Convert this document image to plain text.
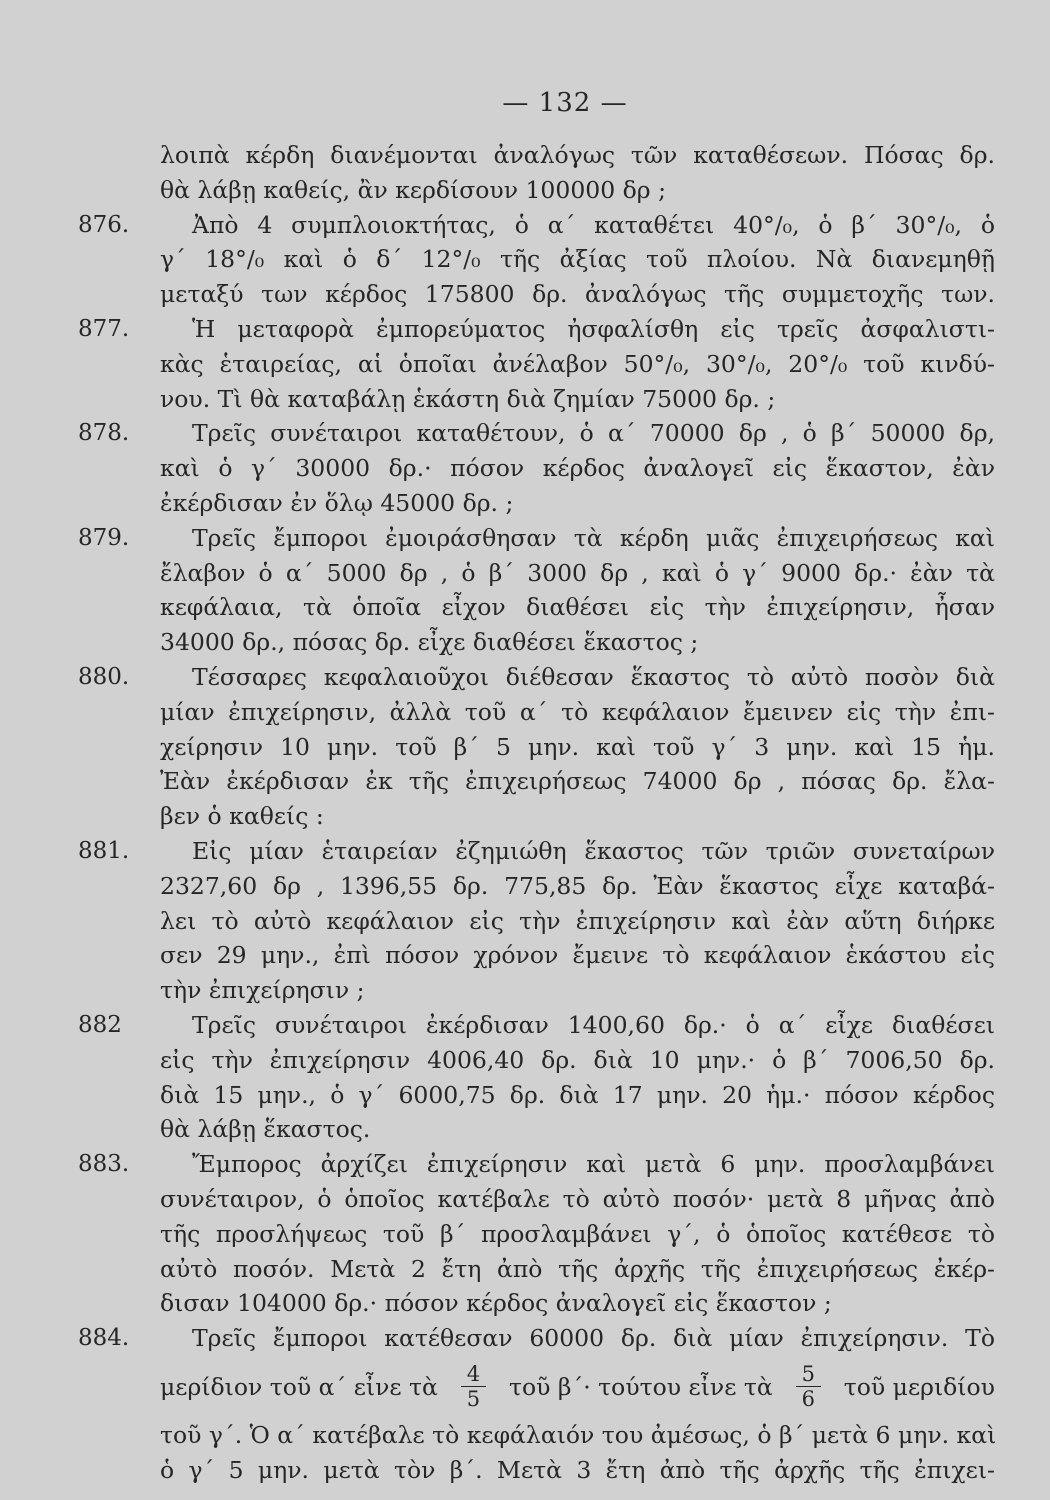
— 132 —
λοιπὰ κέρδη διανέμονται ἀναλόγως τῶν καταθέσεων. Πόσας δρ.
θὰ λάβῃ καθείς, ἂν κερδίσουν 100000 δρ ;
876.	Ἀπὸ 4 συμπλοιοκτήτας, ὁ α΄ καταθέτει 40°/₀, ὁ β΄ 30°/₀, ὁ
γ΄ 18°/₀ καὶ ὁ δ΄ 12°/₀ τῆς ἀξίας τοῦ πλοίου. Νὰ διανεμηθῇ
μεταξύ των κέρδος 175800 δρ. ἀναλόγως τῆς συμμετοχῆς των.
877.	Ἡ μεταφορὰ ἐμπορεύματος ἠσφαλίσθη εἰς τρεῖς ἀσφαλιστι-
κὰς ἑταιρείας, αἱ ὁποῖαι ἀνέλαβον 50°/₀, 30°/₀, 20°/₀ τοῦ κινδύ-
νου. Τὶ θὰ καταβάλῃ ἑκάστη διὰ ζημίαν 75000 δρ. ;
878.	Τρεῖς συνέταιροι καταθέτουν, ὁ α΄ 70000 δρ , ὁ β΄ 50000 δρ,
καὶ ὁ γ΄ 30000 δρ.· πόσον κέρδος ἀναλογεῖ εἰς ἕκαστον, ἐὰν
ἐκέρδισαν ἐν ὅλῳ 45000 δρ. ;
879.	Τρεῖς ἔμποροι ἐμοιράσθησαν τὰ κέρδη μιᾶς ἐπιχειρήσεως καὶ
ἔλαβον ὁ α΄ 5000 δρ , ὁ β΄ 3000 δρ , καὶ ὁ γ΄ 9000 δρ.· ἐὰν τὰ
κεφάλαια, τὰ ὁποῖα εἶχον διαθέσει εἰς τὴν ἐπιχείρησιν, ἦσαν
34000 δρ., πόσας δρ. εἶχε διαθέσει ἕκαστος ;
880.	Τέσσαρες κεφαλαιοῦχοι διέθεσαν ἕκαστος τὸ αὐτὸ ποσὸν διὰ
μίαν ἐπιχείρησιν, ἀλλὰ τοῦ α΄ τὸ κεφάλαιον ἔμεινεν εἰς τὴν ἐπι-
χείρησιν 10 μην. τοῦ β΄ 5 μην. καὶ τοῦ γ΄ 3 μην. καὶ 15 ἡμ.
Ἐὰν ἐκέρδισαν ἐκ τῆς ἐπιχειρήσεως 74000 δρ , πόσας δρ. ἔλα-
βεν ὁ καθείς :
881.	Εἰς μίαν ἑταιρείαν ἐζημιώθη ἕκαστος τῶν τριῶν συνεταίρων
2327,60 δρ , 1396,55 δρ. 775,85 δρ. Ἐὰν ἕκαστος εἶχε καταβά-
λει τὸ αὐτὸ κεφάλαιον εἰς τὴν ἐπιχείρησιν καὶ ἐὰν αὕτη διήρκε
σεν 29 μην., ἐπὶ πόσον χρόνον ἔμεινε τὸ κεφάλαιον ἑκάστου εἰς
τὴν ἐπιχείρησιν ;
882	Τρεῖς συνέταιροι ἐκέρδισαν 1400,60 δρ.· ὁ α΄ εἶχε διαθέσει
εἰς τὴν ἐπιχείρησιν 4006,40 δρ. διὰ 10 μην.· ὁ β΄ 7006,50 δρ.
διὰ 15 μην., ὁ γ΄ 6000,75 δρ. διὰ 17 μην. 20 ἡμ.· πόσον κέρδος
θὰ λάβῃ ἕκαστος.
883.	Ἔμπορος ἀρχίζει ἐπιχείρησιν καὶ μετὰ 6 μην. προσλαμβάνει
συνέταιρον, ὁ ὁποῖος κατέβαλε τὸ αὐτὸ ποσόν· μετὰ 8 μῆνας ἀπὸ
τῆς προσλήψεως τοῦ β΄ προσλαμβάνει γ΄, ὁ ὁποῖος κατέθεσε τὸ
αὐτὸ ποσόν. Μετὰ 2 ἔτη ἀπὸ τῆς ἀρχῆς τῆς ἐπιχειρήσεως ἐκέρ-
δισαν 104000 δρ.· πόσον κέρδος ἀναλογεῖ εἰς ἕκαστον ;
884.	Τρεῖς ἔμποροι κατέθεσαν 60000 δρ. διὰ μίαν ἐπιχείρησιν. Τὸ
μερίδιον τοῦ α΄ εἶνε τὰ $\frac{4}{5}$ τοῦ β΄· τούτου εἶνε τὰ $\frac{5}{6}$ τοῦ μεριδίου
τοῦ γ΄. Ὁ α΄ κατέβαλε τὸ κεφάλαιόν του ἀμέσως, ὁ β΄ μετὰ 6 μην. καὶ
ὁ γ΄ 5 μην. μετὰ τὸν β΄. Μετὰ 3 ἔτη ἀπὸ τῆς ἀρχῆς τῆς ἐπιχει-
